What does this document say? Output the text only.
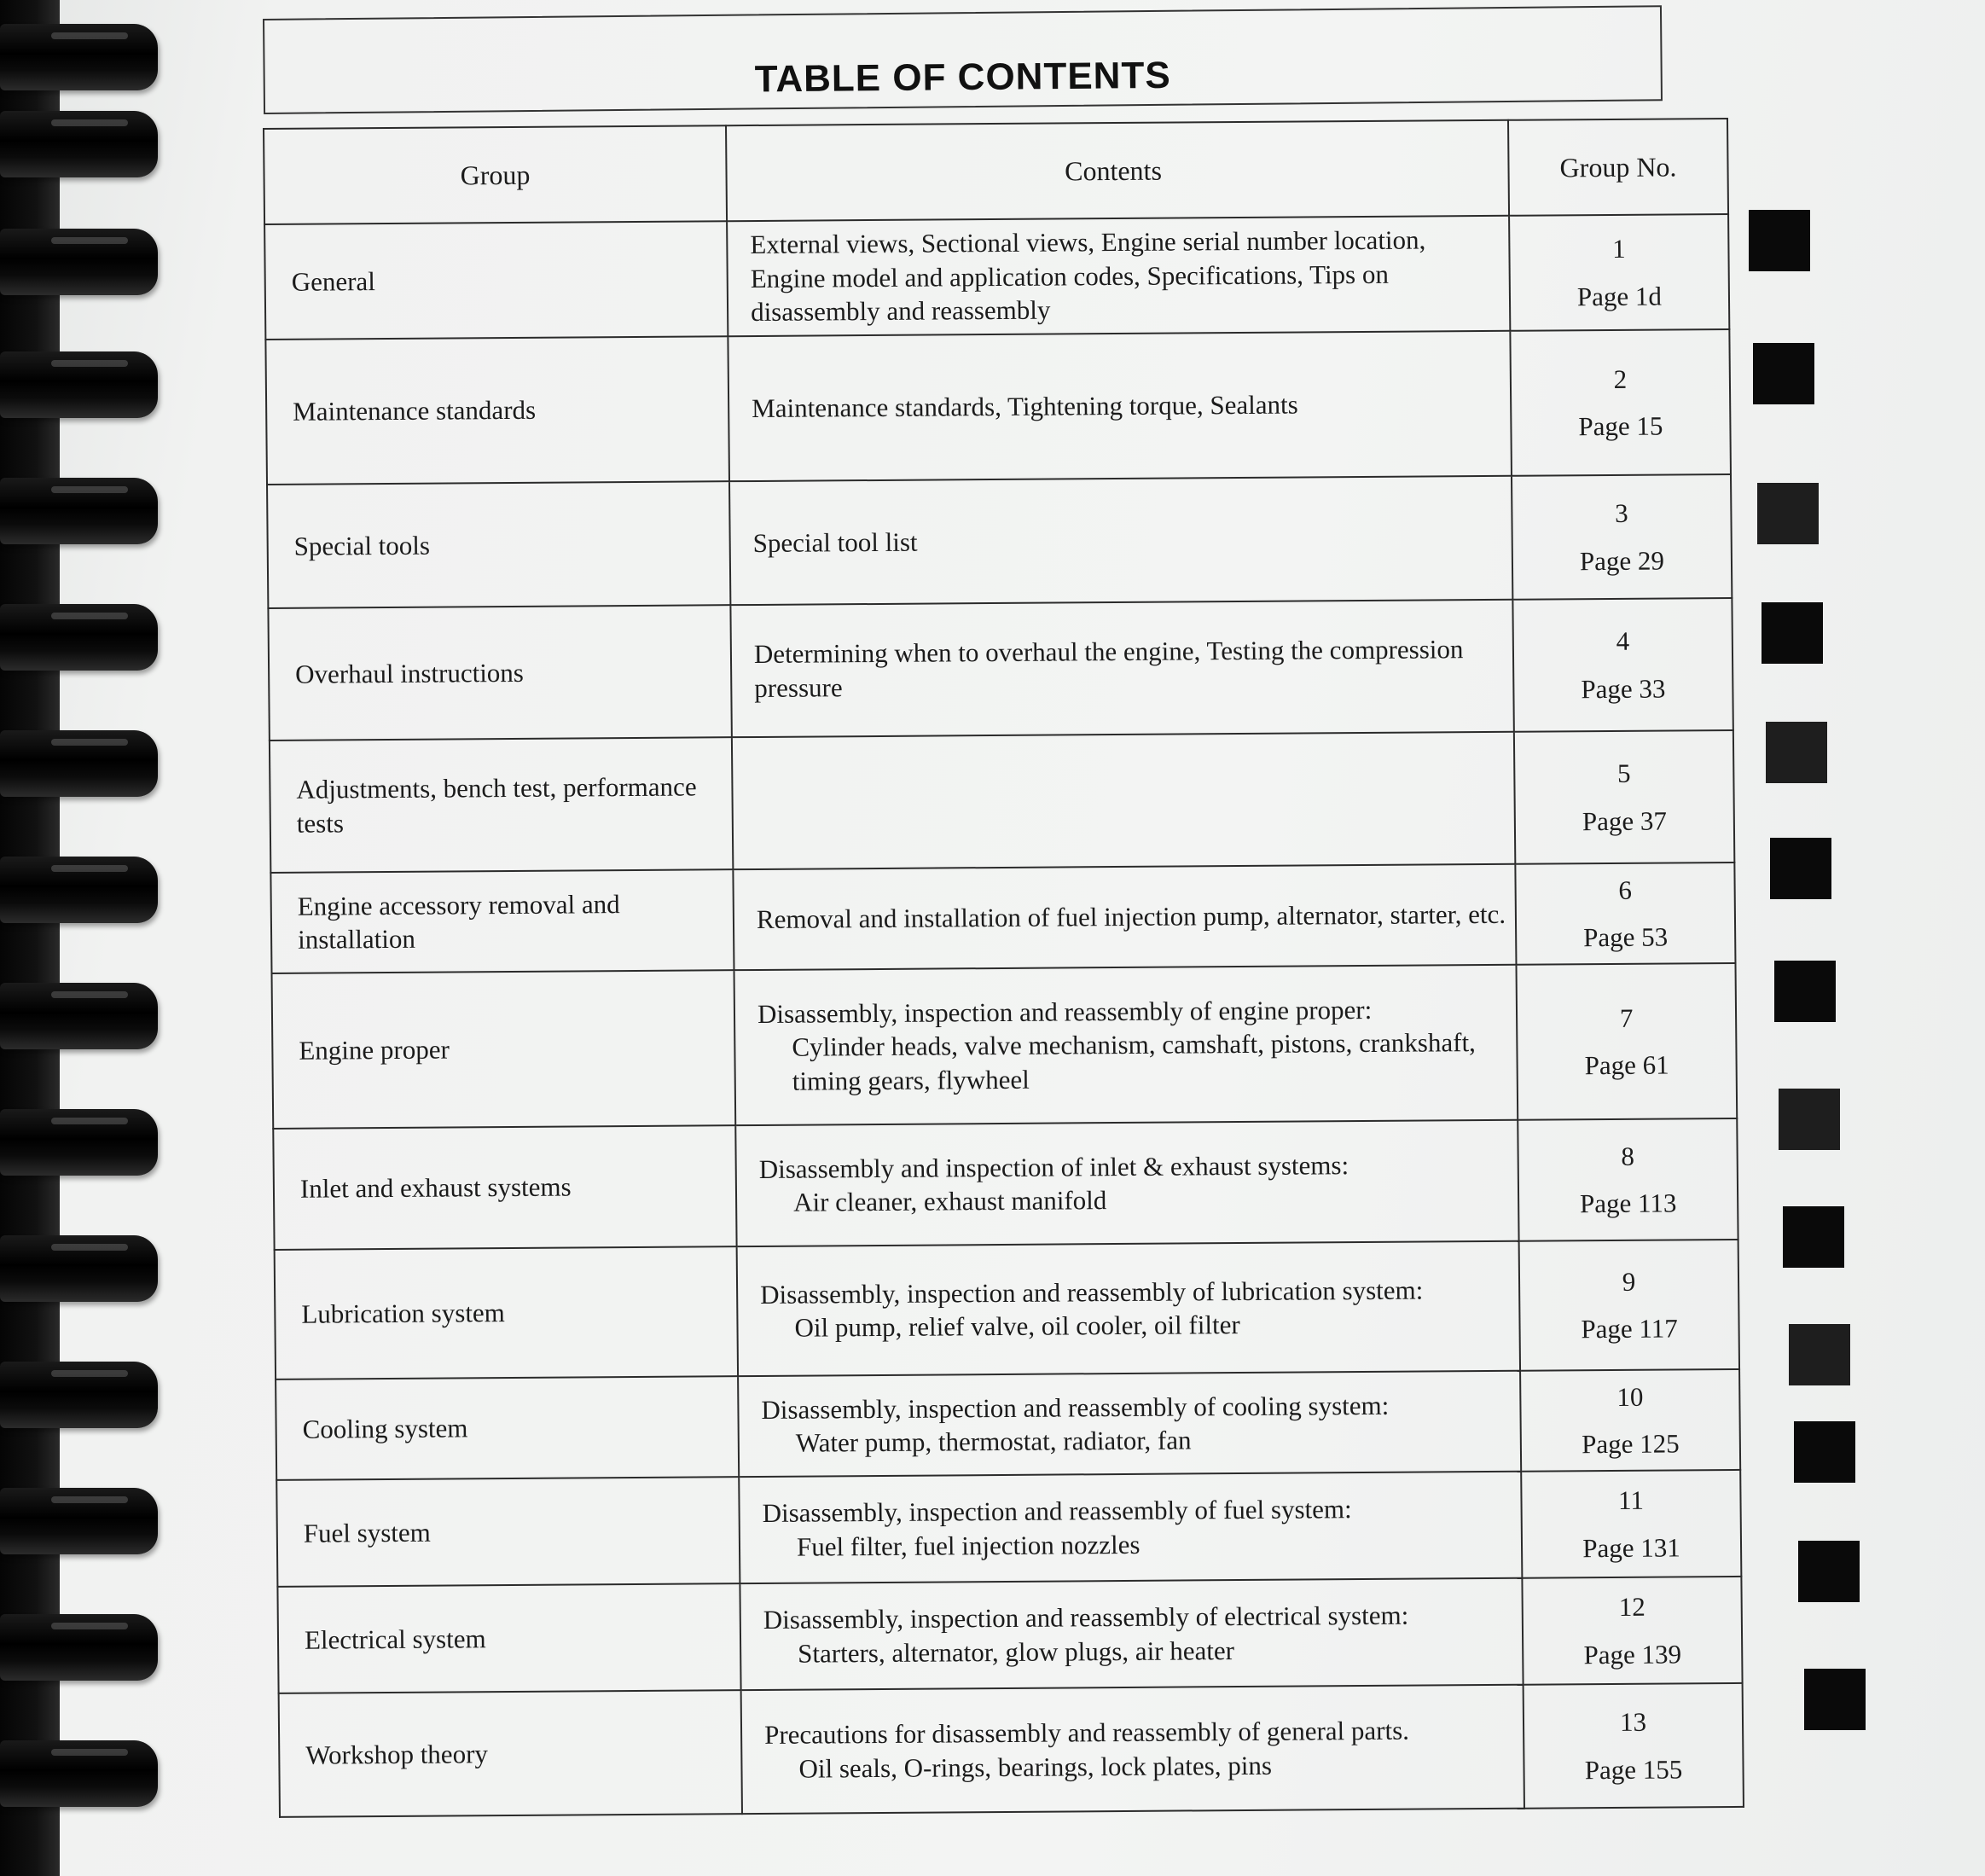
TABLE OF CONTENTS
Group	Contents	Group No.
General	External views, Sectional views, Engine serial number location, Engine model and application codes, Specifications, Tips on disassembly and reassembly	1
Page 1d

Maintenance standards	Maintenance standards, Tightening torque, Sealants	2
Page 15

Special tools	Special tool list	3
Page 29

Overhaul instructions	Determining when to overhaul the engine, Testing the compression pressure	4
Page 33

Adjustments, bench test, performance tests		5
Page 37

Engine accessory removal and installation	Removal and installation of fuel injection pump, alternator, starter, etc.	6
Page 53

Engine proper	Disassembly, inspection and reassembly of engine proper:
Cylinder heads, valve mechanism, camshaft, pistons, crankshaft, timing gears, flywheel	7
Page 61

Inlet and exhaust systems	Disassembly and inspection of inlet & exhaust systems:
Air cleaner, exhaust manifold	8
Page 113

Lubrication system	Disassembly, inspection and reassembly of lubrication system:
Oil pump, relief valve, oil cooler, oil filter	9
Page 117

Cooling system	Disassembly, inspection and reassembly of cooling system:
Water pump, thermostat, radiator, fan	10
Page 125

Fuel system	Disassembly, inspection and reassembly of fuel system:
Fuel filter, fuel injection nozzles	11
Page 131

Electrical system	Disassembly, inspection and reassembly of electrical system:
Starters, alternator, glow plugs, air heater	12
Page 139

Workshop theory	Precautions for disassembly and reassembly of general parts.
Oil seals, O-rings, bearings, lock plates, pins	13
Page 155
